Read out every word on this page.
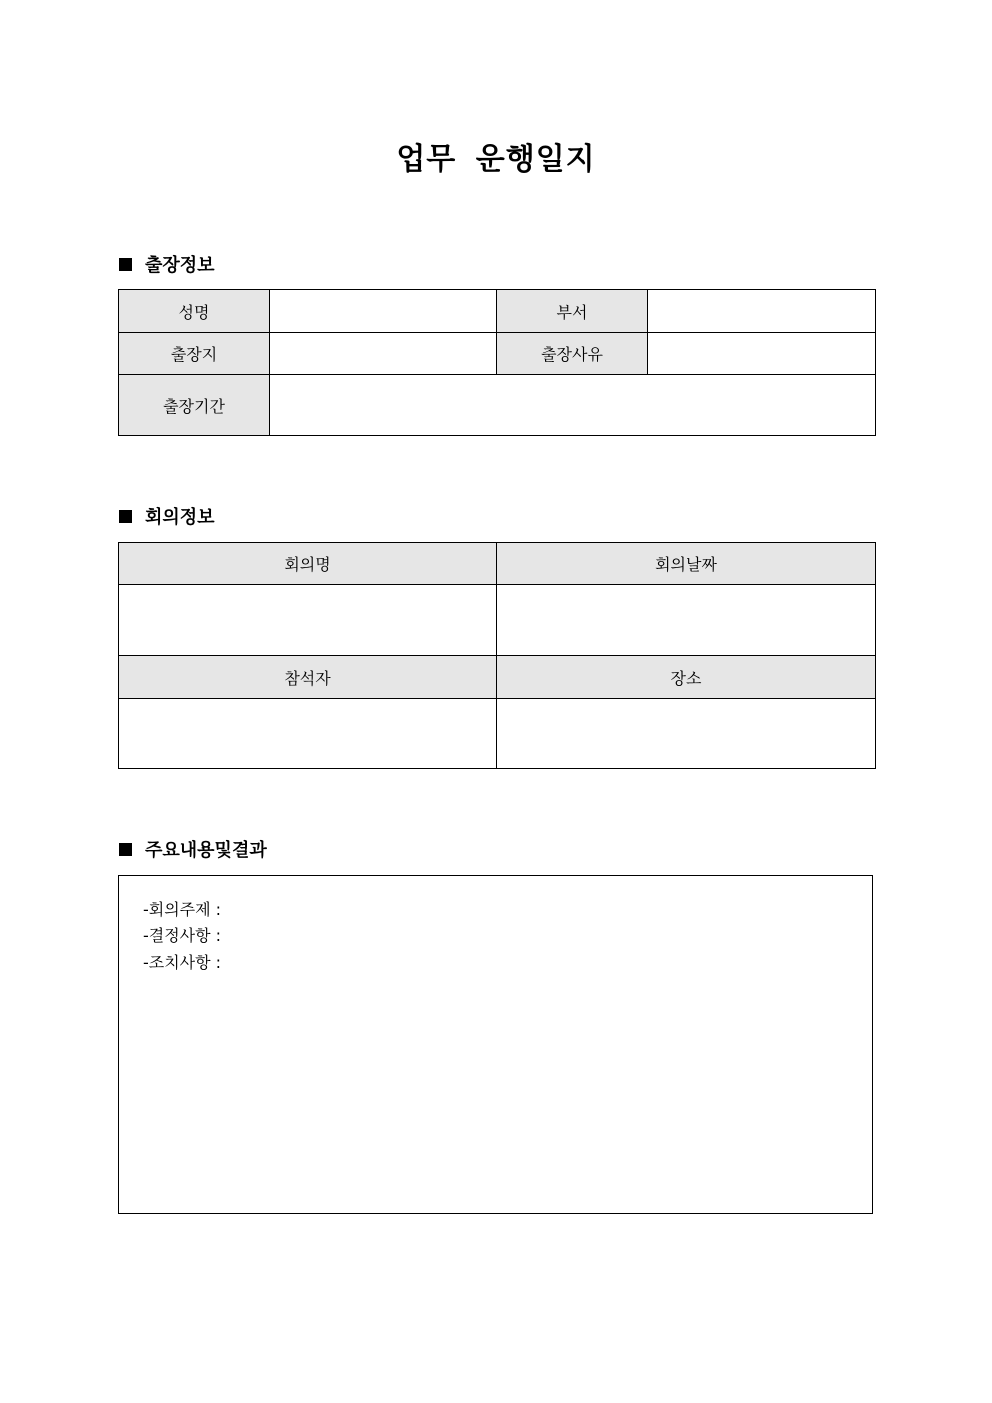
업무 운행일지
출장정보
성명		부서	
출장지		출장사유	
출장기간			
회의정보
회의명	회의날짜

참석자	장소

주요내용및결과
-회의주제 :
-결정사항 :
-조치사항 :
